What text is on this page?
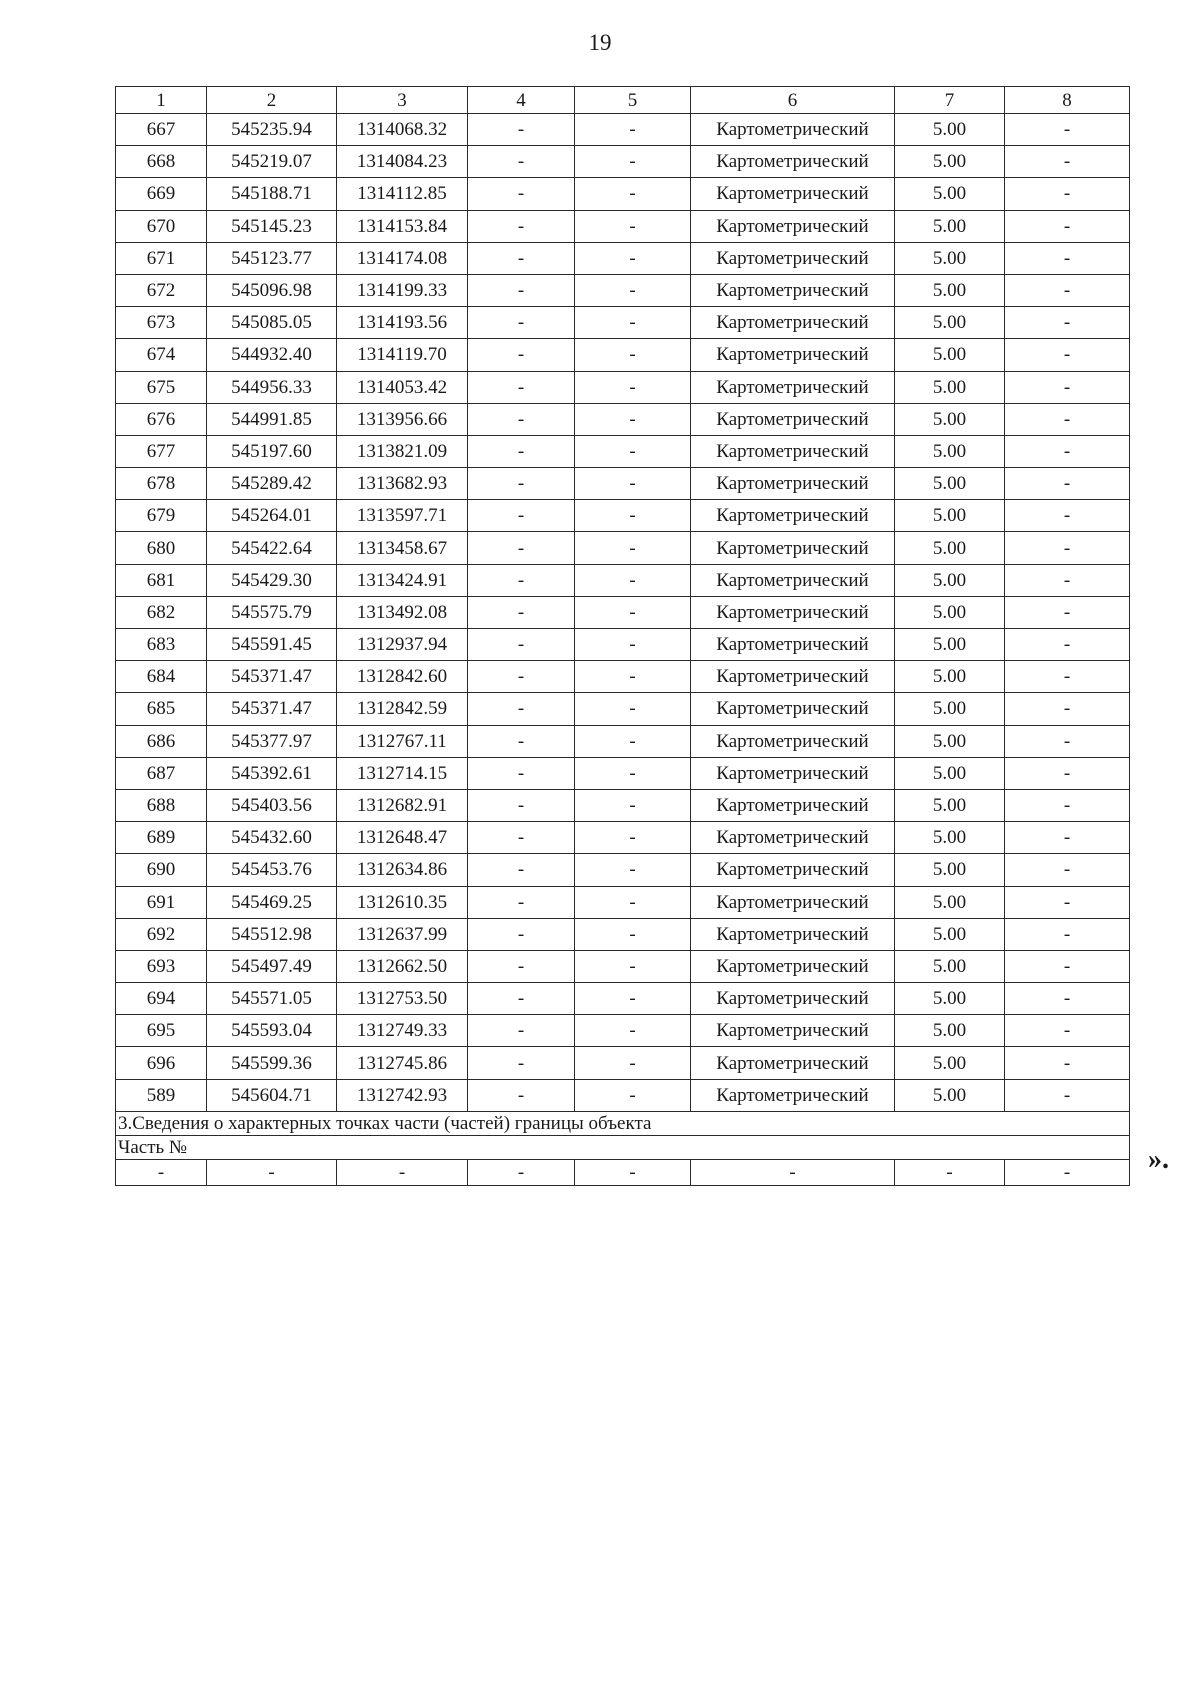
19
1	2	3	4	5	6	7	8
667	545235.94	1314068.32	-	-	Картометрический	5.00	-
668	545219.07	1314084.23	-	-	Картометрический	5.00	-
669	545188.71	1314112.85	-	-	Картометрический	5.00	-
670	545145.23	1314153.84	-	-	Картометрический	5.00	-
671	545123.77	1314174.08	-	-	Картометрический	5.00	-
672	545096.98	1314199.33	-	-	Картометрический	5.00	-
673	545085.05	1314193.56	-	-	Картометрический	5.00	-
674	544932.40	1314119.70	-	-	Картометрический	5.00	-
675	544956.33	1314053.42	-	-	Картометрический	5.00	-
676	544991.85	1313956.66	-	-	Картометрический	5.00	-
677	545197.60	1313821.09	-	-	Картометрический	5.00	-
678	545289.42	1313682.93	-	-	Картометрический	5.00	-
679	545264.01	1313597.71	-	-	Картометрический	5.00	-
680	545422.64	1313458.67	-	-	Картометрический	5.00	-
681	545429.30	1313424.91	-	-	Картометрический	5.00	-
682	545575.79	1313492.08	-	-	Картометрический	5.00	-
683	545591.45	1312937.94	-	-	Картометрический	5.00	-
684	545371.47	1312842.60	-	-	Картометрический	5.00	-
685	545371.47	1312842.59	-	-	Картометрический	5.00	-
686	545377.97	1312767.11	-	-	Картометрический	5.00	-
687	545392.61	1312714.15	-	-	Картометрический	5.00	-
688	545403.56	1312682.91	-	-	Картометрический	5.00	-
689	545432.60	1312648.47	-	-	Картометрический	5.00	-
690	545453.76	1312634.86	-	-	Картометрический	5.00	-
691	545469.25	1312610.35	-	-	Картометрический	5.00	-
692	545512.98	1312637.99	-	-	Картометрический	5.00	-
693	545497.49	1312662.50	-	-	Картометрический	5.00	-
694	545571.05	1312753.50	-	-	Картометрический	5.00	-
695	545593.04	1312749.33	-	-	Картометрический	5.00	-
696	545599.36	1312745.86	-	-	Картометрический	5.00	-
589	545604.71	1312742.93	-	-	Картометрический	5.00	-
3.Сведения о характерных точках части (частей) границы объекта							
Часть №							
-	-	-	-	-	-	-	-	».
